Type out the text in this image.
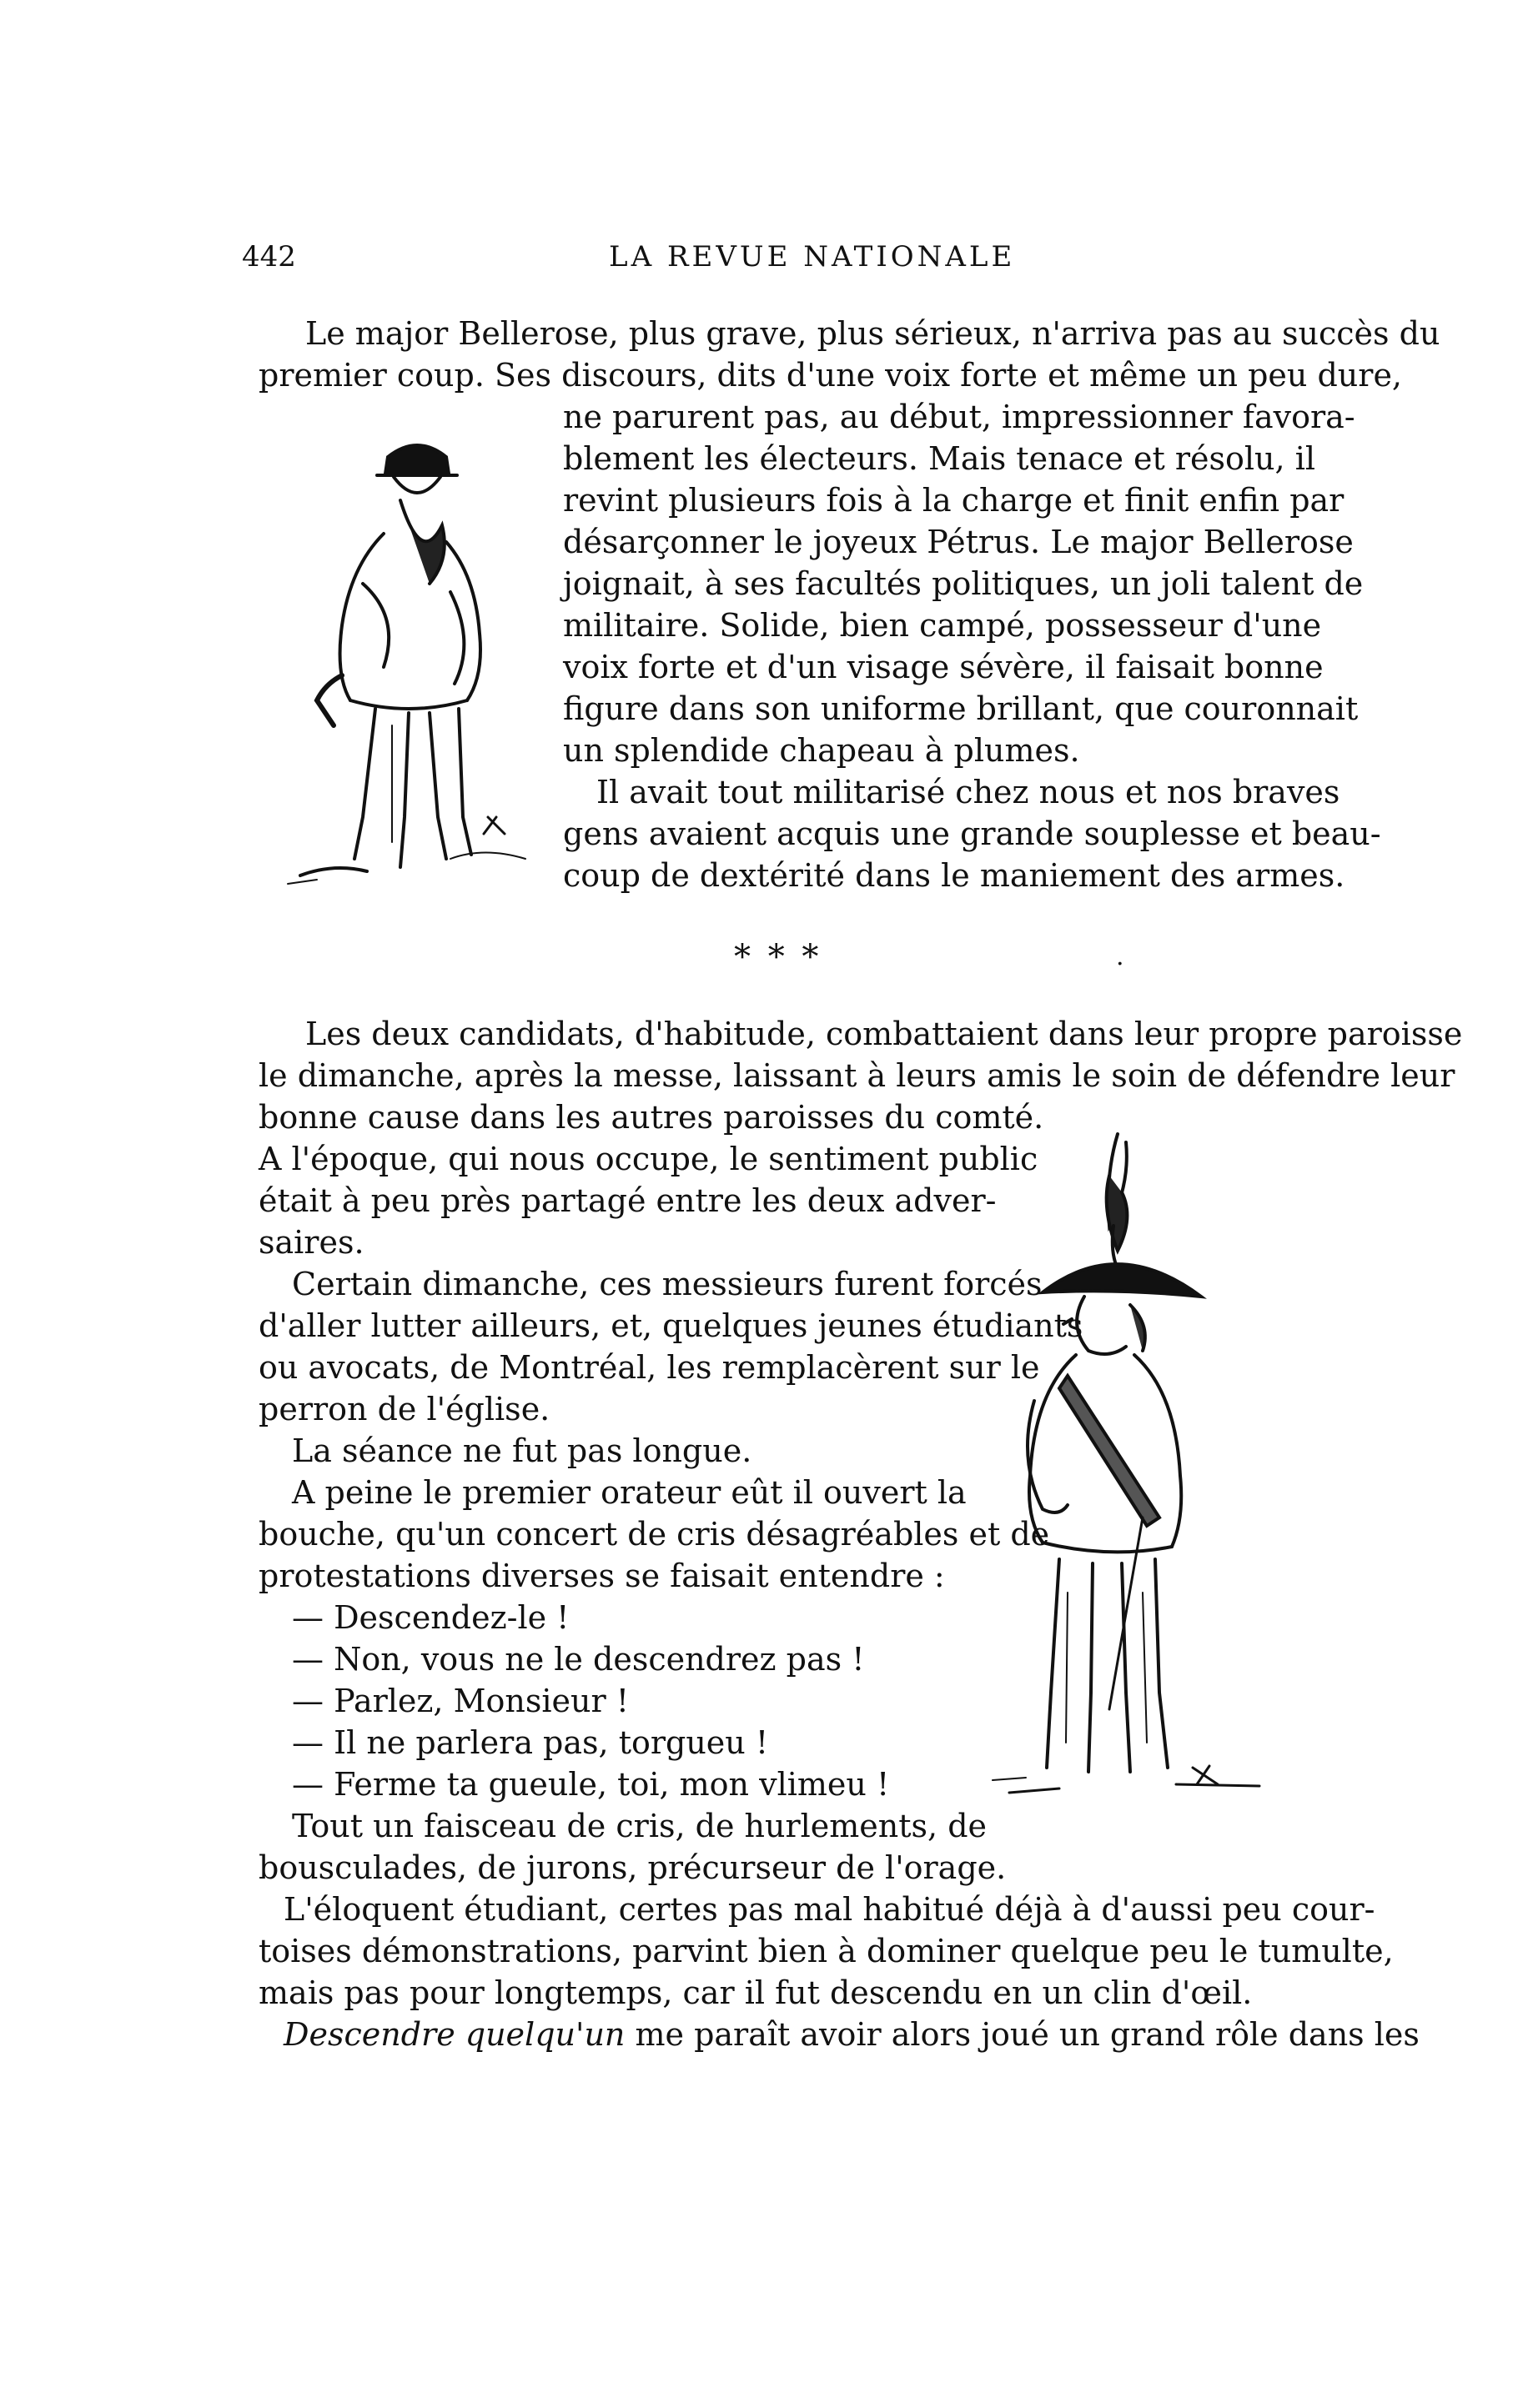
442	LA REVUE NATIONALE
Le major Bellerose, plus grave, plus sérieux, n'arriva pas au succès du
premier coup. Ses discours, dits d'une voix forte et même un peu dure,
ne parurent pas, au début, impressionner favora-
blement les électeurs. Mais tenace et résolu, il
revint plusieurs fois à la charge et finit enfin par
désarçonner le joyeux Pétrus. Le major Bellerose
joignait, à ses facultés politiques, un joli talent de
militaire. Solide, bien campé, possesseur d'une
voix forte et d'un visage sévère, il faisait bonne
figure dans son uniforme brillant, que couronnait
un splendide chapeau à plumes.
Il avait tout militarisé chez nous et nos braves
gens avaient acquis une grande souplesse et beau-
coup de dextérité dans le maniement des armes.
* * *	.
Les deux candidats, d'habitude, combattaient dans leur propre paroisse
le dimanche, après la messe, laissant à leurs amis le soin de défendre leur
bonne cause dans les autres paroisses du comté.
A l'époque, qui nous occupe, le sentiment public
était à peu près partagé entre les deux adver-
saires.
Certain dimanche, ces messieurs furent forcés
d'aller lutter ailleurs, et, quelques jeunes étudiants
ou avocats, de Montréal, les remplacèrent sur le
perron de l'église.
La séance ne fut pas longue.
A peine le premier orateur eût il ouvert la
bouche, qu'un concert de cris désagréables et de
protestations diverses se faisait entendre :
— Descendez-le !
— Non, vous ne le descendrez pas !
— Parlez, Monsieur !
— Il ne parlera pas, torgueu !
— Ferme ta gueule, toi, mon vlimeu !
Tout un faisceau de cris, de hurlements, de
bousculades, de jurons, précurseur de l'orage.
L'éloquent étudiant, certes pas mal habitué déjà à d'aussi peu cour-
toises démonstrations, parvint bien à dominer quelque peu le tumulte,
mais pas pour longtemps, car il fut descendu en un clin d'œil.
Descendre quelqu'un me paraît avoir alors joué un grand rôle dans les
